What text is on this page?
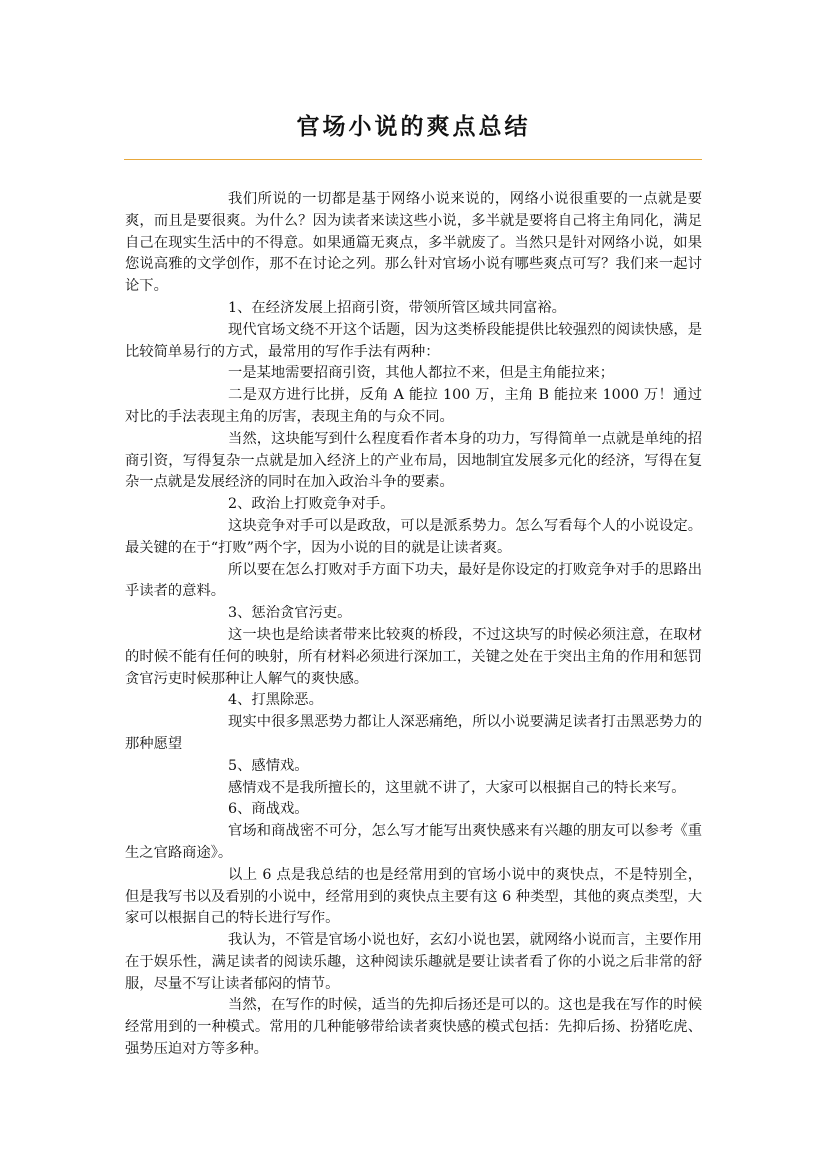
官场小说的爽点总结

我们所说的一切都是基于网络小说来说的，网络小说很重要的一点就是要爽，而且是要很爽。为什么？因为读者来读这些小说，多半就是要将自己将主角同化，满足自己在现实生活中的不得意。如果通篇无爽点，多半就废了。当然只是针对网络小说，如果您说高雅的文学创作，那不在讨论之列。那么针对官场小说有哪些爽点可写？我们来一起讨论下。

1、在经济发展上招商引资，带领所管区域共同富裕。

现代官场文绕不开这个话题，因为这类桥段能提供比较强烈的阅读快感，是比较简单易行的方式，最常用的写作手法有两种：

一是某地需要招商引资，其他人都拉不来，但是主角能拉来；

二是双方进行比拼，反角 A 能拉 100 万，主角 B 能拉来 1000 万！通过对比的手法表现主角的厉害，表现主角的与众不同。

当然，这块能写到什么程度看作者本身的功力，写得简单一点就是单纯的招商引资，写得复杂一点就是加入经济上的产业布局，因地制宜发展多元化的经济，写得在复杂一点就是发展经济的同时在加入政治斗争的要素。

2、政治上打败竞争对手。

这块竞争对手可以是政敌，可以是派系势力。怎么写看每个人的小说设定。最关键的在于“打败”两个字，因为小说的目的就是让读者爽。

所以要在怎么打败对手方面下功夫，最好是你设定的打败竞争对手的思路出乎读者的意料。

3、惩治贪官污吏。

这一块也是给读者带来比较爽的桥段，不过这块写的时候必须注意，在取材的时候不能有任何的映射，所有材料必须进行深加工，关键之处在于突出主角的作用和惩罚贪官污吏时候那种让人解气的爽快感。

4、打黑除恶。

现实中很多黑恶势力都让人深恶痛绝，所以小说要满足读者打击黑恶势力的那种愿望

5、感情戏。

感情戏不是我所擅长的，这里就不讲了，大家可以根据自己的特长来写。

6、商战戏。

官场和商战密不可分，怎么写才能写出爽快感来有兴趣的朋友可以参考《重生之官路商途》。

以上 6 点是我总结的也是经常用到的官场小说中的爽快点，不是特别全，但是我写书以及看别的小说中，经常用到的爽快点主要有这 6 种类型，其他的爽点类型，大家可以根据自己的特长进行写作。

我认为，不管是官场小说也好，玄幻小说也罢，就网络小说而言，主要作用在于娱乐性，满足读者的阅读乐趣，这种阅读乐趣就是要让读者看了你的小说之后非常的舒服，尽量不写让读者郁闷的情节。

当然，在写作的时候，适当的先抑后扬还是可以的。这也是我在写作的时候经常用到的一种模式。常用的几种能够带给读者爽快感的模式包括：先抑后扬、扮猪吃虎、强势压迫对方等多种。
